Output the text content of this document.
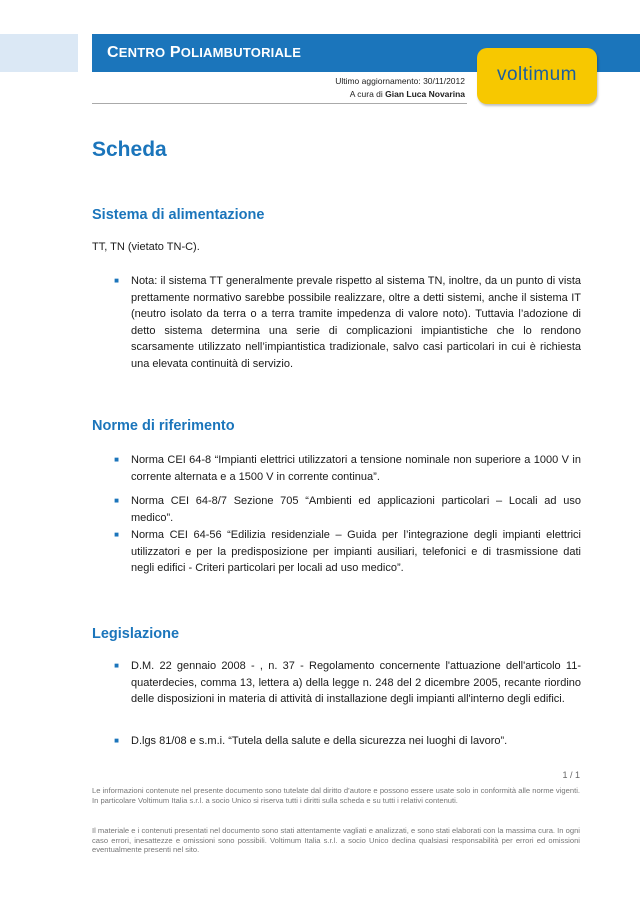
CENTRO POLIAMBUTORIALE
Ultimo aggiornamento: 30/11/2012
A cura di Gian Luca Novarina
voltimum
Scheda
Sistema di alimentazione
TT, TN (vietato TN-C).
■ Nota: il sistema TT generalmente prevale rispetto al sistema TN, inoltre, da un punto di vista prettamente normativo sarebbe possibile realizzare, oltre a detti sistemi, anche il sistema IT (neutro isolato da terra o a terra tramite impedenza di valore noto). Tuttavia l’adozione di detto sistema determina una serie di complicazioni impiantistiche che lo rendono scarsamente utilizzato nell’impiantistica tradizionale, salvo casi particolari in cui è richiesta una elevata continuità di servizio.
Norme di riferimento
■ Norma CEI 64-8 “Impianti elettrici utilizzatori a tensione nominale non superiore a 1000 V in corrente alternata e a 1500 V in corrente continua”.
■ Norma CEI 64-8/7 Sezione 705 “Ambienti ed applicazioni particolari – Locali ad uso medico”.
■ Norma CEI 64-56 “Edilizia residenziale – Guida per l’integrazione degli impianti elettrici utilizzatori e per la predisposizione per impianti ausiliari, telefonici e di trasmissione dati negli edifici - Criteri particolari per locali ad uso medico”.
Legislazione
■ D.M. 22 gennaio 2008 - , n. 37 - Regolamento concernente l'attuazione dell'articolo 11-quaterdecies, comma 13, lettera a) della legge n. 248 del 2 dicembre 2005, recante riordino delle disposizioni in materia di attività di installazione degli impianti all'interno degli edifici.
■ D.lgs 81/08 e s.m.i. “Tutela della salute e della sicurezza nei luoghi di lavoro”.
1 / 1
Le informazioni contenute nel presente documento sono tutelate dal diritto d’autore e possono essere usate solo in conformità alle norme vigenti. In particolare Voltimum Italia s.r.l. a socio Unico si riserva tutti i diritti sulla scheda e su tutti i relativi contenuti.
Il materiale e i contenuti presentati nel documento sono stati attentamente vagliati e analizzati, e sono stati elaborati con la massima cura. In ogni caso errori, inesattezze e omissioni sono possibili. Voltimum Italia s.r.l. a socio Unico declina qualsiasi responsabilità per errori ed omissioni eventualmente presenti nel sito.
